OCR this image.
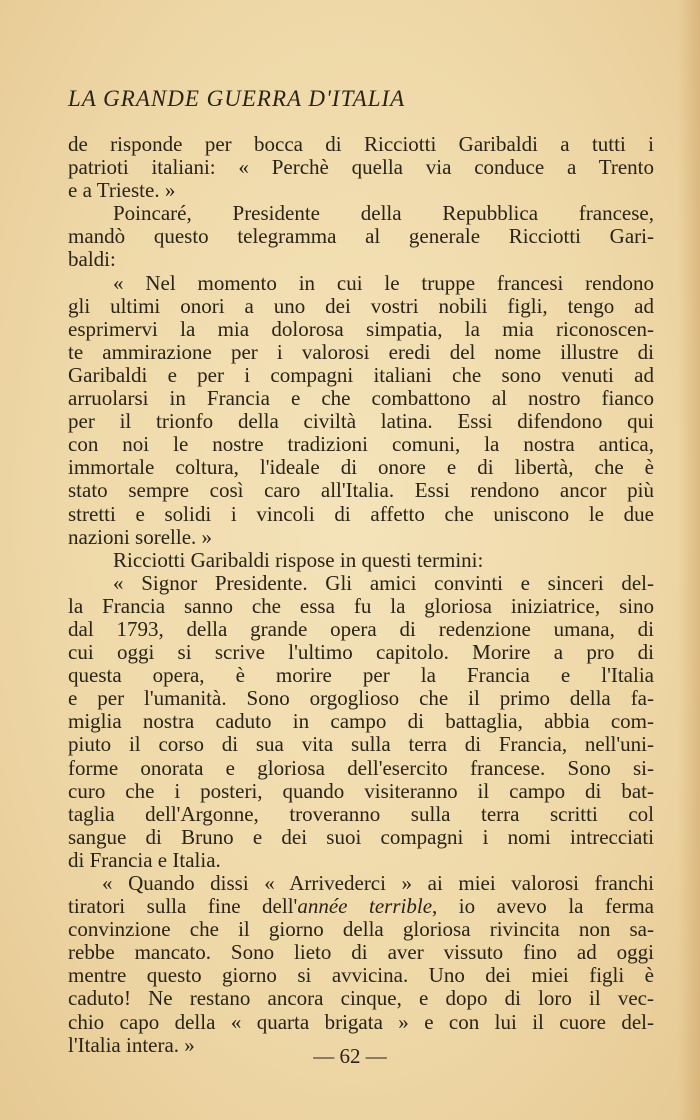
LA GRANDE GUERRA D'ITALIA
de risponde per bocca di Ricciotti Garibaldi a tutti i
patrioti italiani: « Perchè quella via conduce a Trento
e a Trieste. »
Poincaré, Presidente della Repubblica francese,
mandò questo telegramma al generale Ricciotti Gari-
baldi:
« Nel momento in cui le truppe francesi rendono
gli ultimi onori a uno dei vostri nobili figli, tengo ad
esprimervi la mia dolorosa simpatia, la mia riconoscen-
te ammirazione per i valorosi eredi del nome illustre di
Garibaldi e per i compagni italiani che sono venuti ad
arruolarsi in Francia e che combattono al nostro fianco
per il trionfo della civiltà latina. Essi difendono qui
con noi le nostre tradizioni comuni, la nostra antica,
immortale coltura, l'ideale di onore e di libertà, che è
stato sempre così caro all'Italia. Essi rendono ancor più
stretti e solidi i vincoli di affetto che uniscono le due
nazioni sorelle. »
Ricciotti Garibaldi rispose in questi termini:
« Signor Presidente. Gli amici convinti e sinceri del-
la Francia sanno che essa fu la gloriosa iniziatrice, sino
dal 1793, della grande opera di redenzione umana, di
cui oggi si scrive l'ultimo capitolo. Morire a pro di
questa opera, è morire per la Francia e l'Italia
e per l'umanità. Sono orgoglioso che il primo della fa-
miglia nostra caduto in campo di battaglia, abbia com-
piuto il corso di sua vita sulla terra di Francia, nell'uni-
forme onorata e gloriosa dell'esercito francese. Sono si-
curo che i posteri, quando visiteranno il campo di bat-
taglia dell'Argonne, troveranno sulla terra scritti col
sangue di Bruno e dei suoi compagni i nomi intrecciati
di Francia e Italia.
« Quando dissi « Arrivederci » ai miei valorosi franchi
tiratori sulla fine dell'année terrible, io avevo la ferma
convinzione che il giorno della gloriosa rivincita non sa-
rebbe mancato. Sono lieto di aver vissuto fino ad oggi
mentre questo giorno si avvicina. Uno dei miei figli è
caduto! Ne restano ancora cinque, e dopo di loro il vec-
chio capo della « quarta brigata » e con lui il cuore del-
l'Italia intera. »	— 62 —
